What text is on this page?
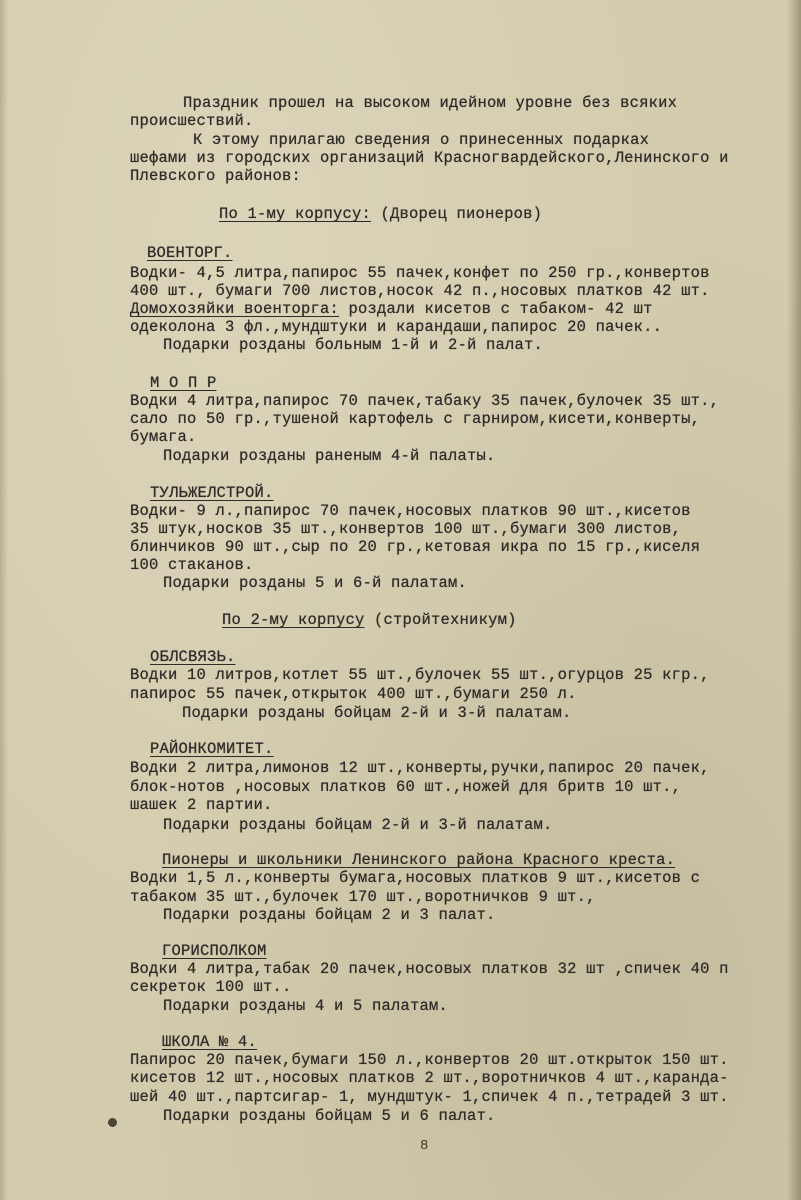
Праздник прошел на высоком идейном уровне без всяких
происшествий.
К этому прилагаю сведения о принесенных подарках
шефами из городских организаций Красногвардейского,Ленинского и
Плевского районов:
По 1-му корпусу: (Дворец пионеров)
ВОЕНТОРГ.
Водки- 4,5 литра,папирос 55 пачек,конфет по 250 гр.,конвертов
400 шт., бумаги 700 листов,носок 42 п.,носовых платков 42 шт.
Домохозяйки военторга: роздали кисетов с табаком- 42 шт
одеколона 3 фл.,мундштуки и карандаши,папирос 20 пачек..
Подарки розданы больным 1-й и 2-й палат.
М О П Р
Водки 4 литра,папирос 70 пачек,табаку 35 пачек,булочек 35 шт.,
сало по 50 гр.,тушеной картофель с гарниром,кисети,конверты,
бумага.
Подарки розданы раненым 4-й палаты.
ТУЛЬЖЕЛСТРОЙ.
Водки- 9 л.,папирос 70 пачек,носовых платков 90 шт.,кисетов
35 штук,носков 35 шт.,конвертов 100 шт.,бумаги 300 листов,
блинчиков 90 шт.,сыр по 20 гр.,кетовая икра по 15 гр.,киселя
100 стаканов.
Подарки розданы 5 и 6-й палатам.
По 2-му корпусу (стройтехникум)
ОБЛСВЯЗЬ.
Водки 10 литров,котлет 55 шт.,булочек 55 шт.,огурцов 25 кгр.,
папирос 55 пачек,открыток 400 шт.,бумаги 250 л.
Подарки розданы бойцам 2-й и 3-й палатам.
РАЙОНКОМИТЕТ.
Водки 2 литра,лимонов 12 шт.,конверты,ручки,папирос 20 пачек,
блок-нотов ,носовых платков 60 шт.,ножей для бритв 10 шт.,
шашек 2 партии.
Подарки розданы бойцам 2-й и 3-й палатам.
Пионеры и школьники Ленинского района Красного креста.
Водки 1,5 л.,конверты бумага,носовых платков 9 шт.,кисетов с
табаком 35 шт.,булочек 170 шт.,воротничков 9 шт.,
Подарки розданы бойцам 2 и 3 палат.
ГОРИСПОЛКОМ
Водки 4 литра,табак 20 пачек,носовых платков 32 шт ,спичек 40 п
секреток 100 шт..
Подарки розданы 4 и 5 палатам.
ШКОЛА № 4.
Папирос 20 пачек,бумаги 150 л.,конвертов 20 шт.открыток 150 шт.
кисетов 12 шт.,носовых платков 2 шт.,воротничков 4 шт.,каранда-
шей 40 шт.,партсигар- 1, мундштук- 1,спичек 4 п.,тетрадей 3 шт.
Подарки розданы бойцам 5 и 6 палат.
8
